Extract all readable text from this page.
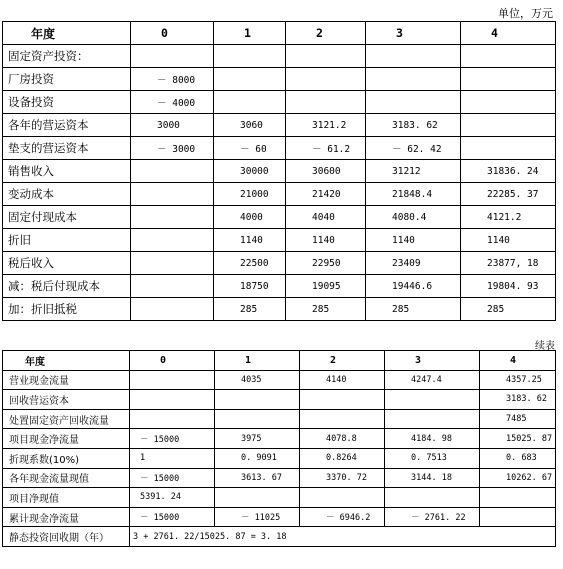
单位，万元
年度	0	1	2	3	4
固定资产投资：					
厂房投资	－ 8000				
设备投资	－ 4000				
各年的营运资本	3000	3060	3121.2	3183. 62	
垫支的营运资本	－ 3000	－ 60	－ 61.2	－ 62. 42	
销售收入		30000	30600	31212	31836. 24
变动成本		21000	21420	21848.4	22285. 37
固定付现成本		4000	4040	4080.4	4121.2
折旧		1140	1140	1140	1140
税后收入		22500	22950	23409	23877, 18
减：税后付现成本		18750	19095	19446.6	19804. 93
加：折旧抵税		285	285	285	285
续表
年度	0	1	2	3	4
营业现金流量		4035	4140	4247.4	4357.25
回收营运资本					3183. 62
处置固定资产回收流量					7485
项目现金净流量	－ 15000	3975	4078.8	4184. 98	15025. 87
折现系数(10%)	1	0. 9091	0.8264	0. 7513	0. 683
各年现金流量现值	－ 15000	3613. 67	3370. 72	3144. 18	10262. 67
项目净现值	5391. 24				
累计现金净流量	－ 15000	－ 11025	－ 6946.2	－ 2761. 22	
静态投资回收期（年）	3 + 2761. 22/15025. 87 = 3. 18				
